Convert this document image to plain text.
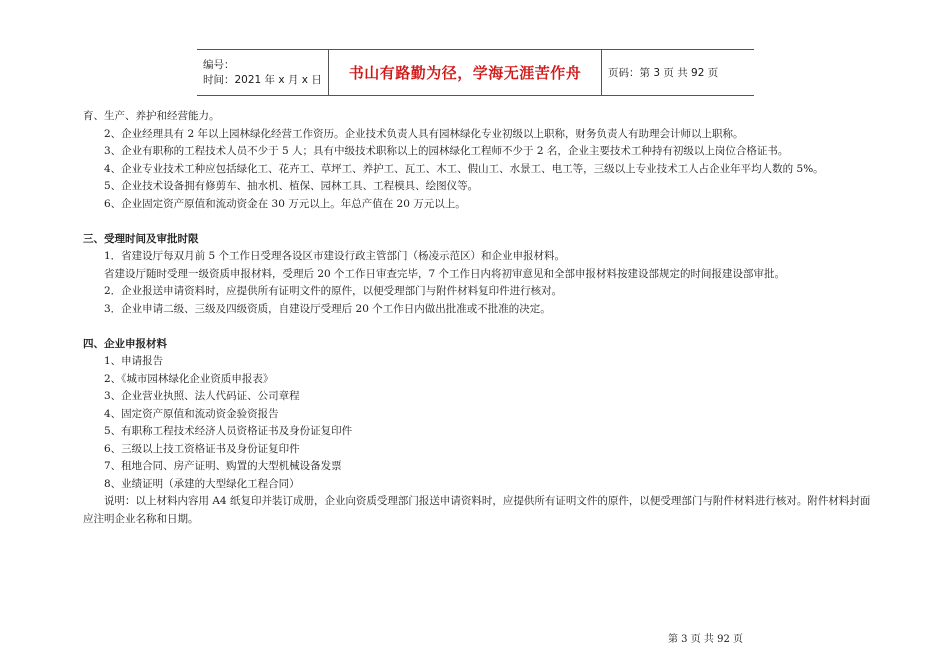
编号：
时间：2021 年 x 月 x 日	书山有路勤为径，学海无涯苦作舟	页码：第 3 页 共 92 页

育、生产、养护和经营能力。

2、企业经理具有 2 年以上园林绿化经营工作资历。企业技术负责人具有园林绿化专业初级以上职称，财务负责人有助理会计师以上职称。

3、企业有职称的工程技术人员不少于 5 人；具有中级技术职称以上的园林绿化工程师不少于 2 名，企业主要技术工种持有初级以上岗位合格证书。

4、企业专业技术工种应包括绿化工、花卉工、草坪工、养护工、瓦工、木工、假山工、水景工、电工等，三级以上专业技术工人占企业年平均人数的 5%。

5、企业技术设备拥有修剪车、抽水机、植保、园林工具、工程模具、绘图仪等。

6、企业固定资产原值和流动资金在 30 万元以上。年总产值在 20 万元以上。

三、受理时间及审批时限

1．省建设厅每双月前 5 个工作日受理各设区市建设行政主管部门（杨凌示范区）和企业申报材料。

省建设厅随时受理一级资质申报材料，受理后 20 个工作日审查完毕，7 个工作日内将初审意见和全部申报材料按建设部规定的时间报建设部审批。

2．企业报送申请资料时，应提供所有证明文件的原件，以便受理部门与附件材料复印件进行核对。

3．企业申请二级、三级及四级资质，自建设厅受理后 20 个工作日内做出批准或不批准的决定。

四、企业申报材料

1、申请报告

2、《城市园林绿化企业资质申报表》

3、企业营业执照、法人代码证、公司章程

4、固定资产原值和流动资金验资报告

5、有职称工程技术经济人员资格证书及身份证复印件

6、三级以上技工资格证书及身份证复印件

7、租地合同、房产证明、购置的大型机械设备发票

8、业绩证明（承建的大型绿化工程合同）

说明：以上材料内容用 A4 纸复印并装订成册，企业向资质受理部门报送申请资料时，应提供所有证明文件的原件，以便受理部门与附件材料进行核对。附件材料封面应注明企业名称和日期。

第 3 页 共 92 页
